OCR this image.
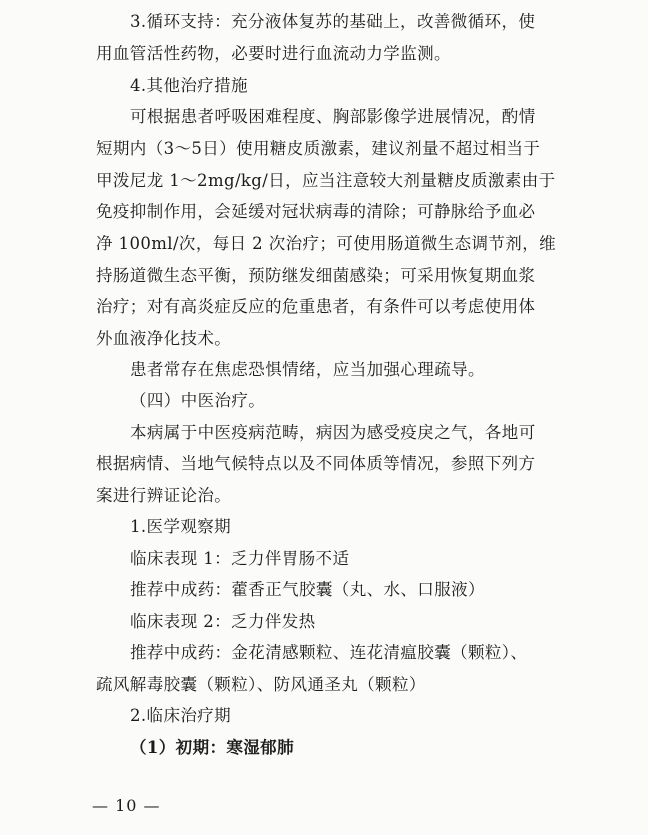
3.循环支持：充分液体复苏的基础上，改善微循环，使
用血管活性药物，必要时进行血流动力学监测。
4.其他治疗措施
可根据患者呼吸困难程度、胸部影像学进展情况，酌情
短期内（3～5日）使用糖皮质激素，建议剂量不超过相当于
甲泼尼龙 1～2mg/kg/日，应当注意较大剂量糖皮质激素由于
免疫抑制作用，会延缓对冠状病毒的清除；可静脉给予血必
净 100ml/次，每日 2 次治疗；可使用肠道微生态调节剂，维
持肠道微生态平衡，预防继发细菌感染；可采用恢复期血浆
治疗；对有高炎症反应的危重患者，有条件可以考虑使用体
外血液净化技术。
患者常存在焦虑恐惧情绪，应当加强心理疏导。
（四）中医治疗。
本病属于中医疫病范畴，病因为感受疫戾之气，各地可
根据病情、当地气候特点以及不同体质等情况，参照下列方
案进行辨证论治。
1.医学观察期
临床表现 1：乏力伴胃肠不适
推荐中成药：藿香正气胶囊（丸、水、口服液）
临床表现 2：乏力伴发热
推荐中成药：金花清感颗粒、连花清瘟胶囊（颗粒）、
疏风解毒胶囊（颗粒）、防风通圣丸（颗粒）
2.临床治疗期
（1）初期：寒湿郁肺
— 10 —
